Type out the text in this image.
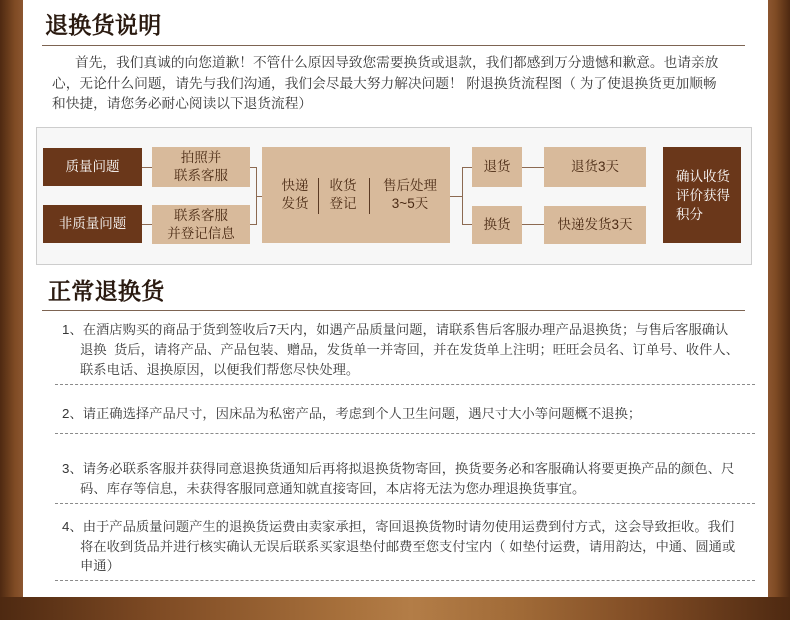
退换货说明
首先，我们真诚的向您道歉！不管什么原因导致您需要换货或退款，我们都感到万分遗憾和歉意。也请亲放
心，无论什么问题，请先与我们沟通，我们会尽最大努力解决问题！ 附退换货流程图（ 为了使退换货更加顺畅
和快捷，请您务必耐心阅读以下退货流程）
质量问题
非质量问题
拍照并
联系客服
联系客服
并登记信息
快递
发货
收货
登记
售后处理
3~5天
退货
换货
退货3天
快递发货3天
确认收货
评价获得
积分
正常退换货
1、在酒店购买的商品于货到签收后7天内，如遇产品质量问题，请联系售后客服办理产品退换货；与售后客服确认
退换  货后，请将产品、产品包装、赠品，发货单一并寄回，并在发货单上注明；旺旺会员名、订单号、收件人、
联系电话、退换原因，以便我们帮您尽快处理。
2、请正确选择产品尺寸，因床品为私密产品，考虑到个人卫生问题，遇尺寸大小等问题概不退换；
3、请务必联系客服并获得同意退换货通知后再将拟退换货物寄回，换货要务必和客服确认将要更换产品的颜色、尺
码、库存等信息，未获得客服同意通知就直接寄回，本店将无法为您办理退换货事宜。
4、由于产品质量问题产生的退换货运费由卖家承担，寄回退换货物时请勿使用运费到付方式，这会导致拒收。我们
将在收到货品并进行核实确认无误后联系买家退垫付邮费至您支付宝内（ 如垫付运费，请用韵达，中通、圆通或
申通）
